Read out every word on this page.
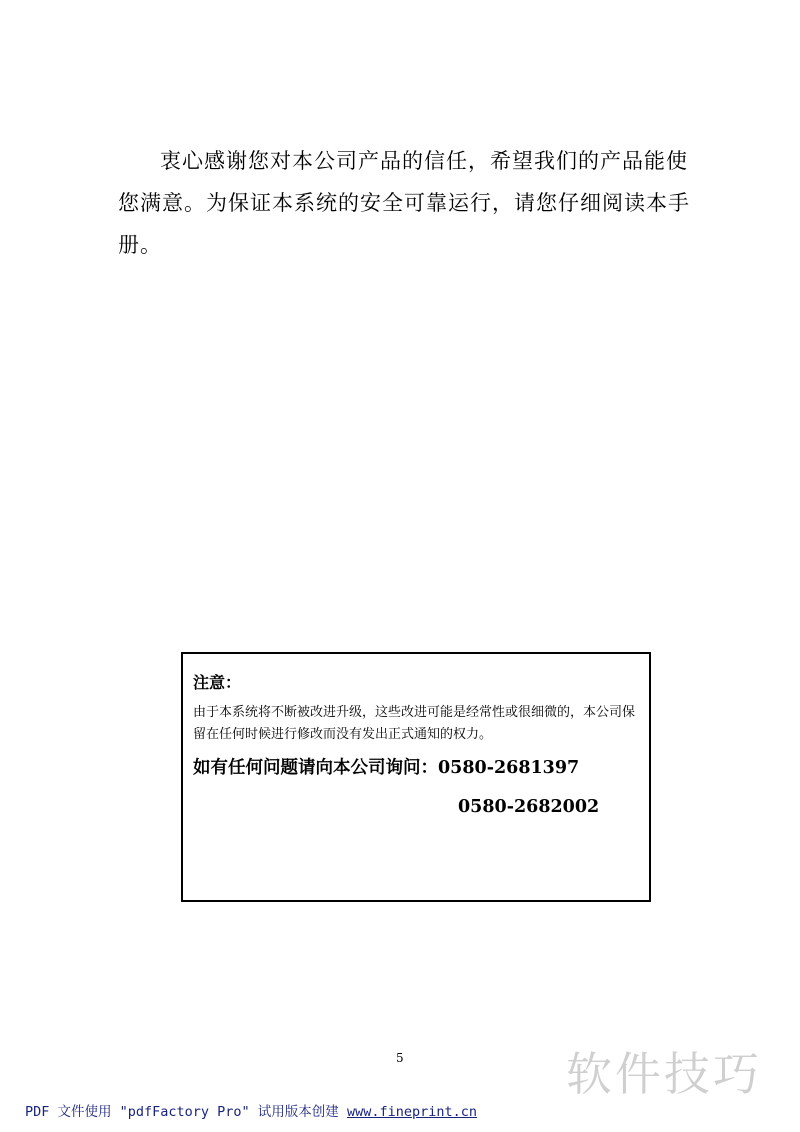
衷心感谢您对本公司产品的信任，希望我们的产品能使您满意。为保证本系统的安全可靠运行，请您仔细阅读本手册。

注意：
由于本系统将不断被改进升级，这些改进可能是经常性或很细微的，本公司保留在任何时候进行修改而没有发出正式通知的权力。
如有任何问题请向本公司询问：0580-2681397
0580-2682002
5	软件技巧
PDF 文件使用 "pdfFactory Pro" 试用版本创建 www.fineprint.cn
